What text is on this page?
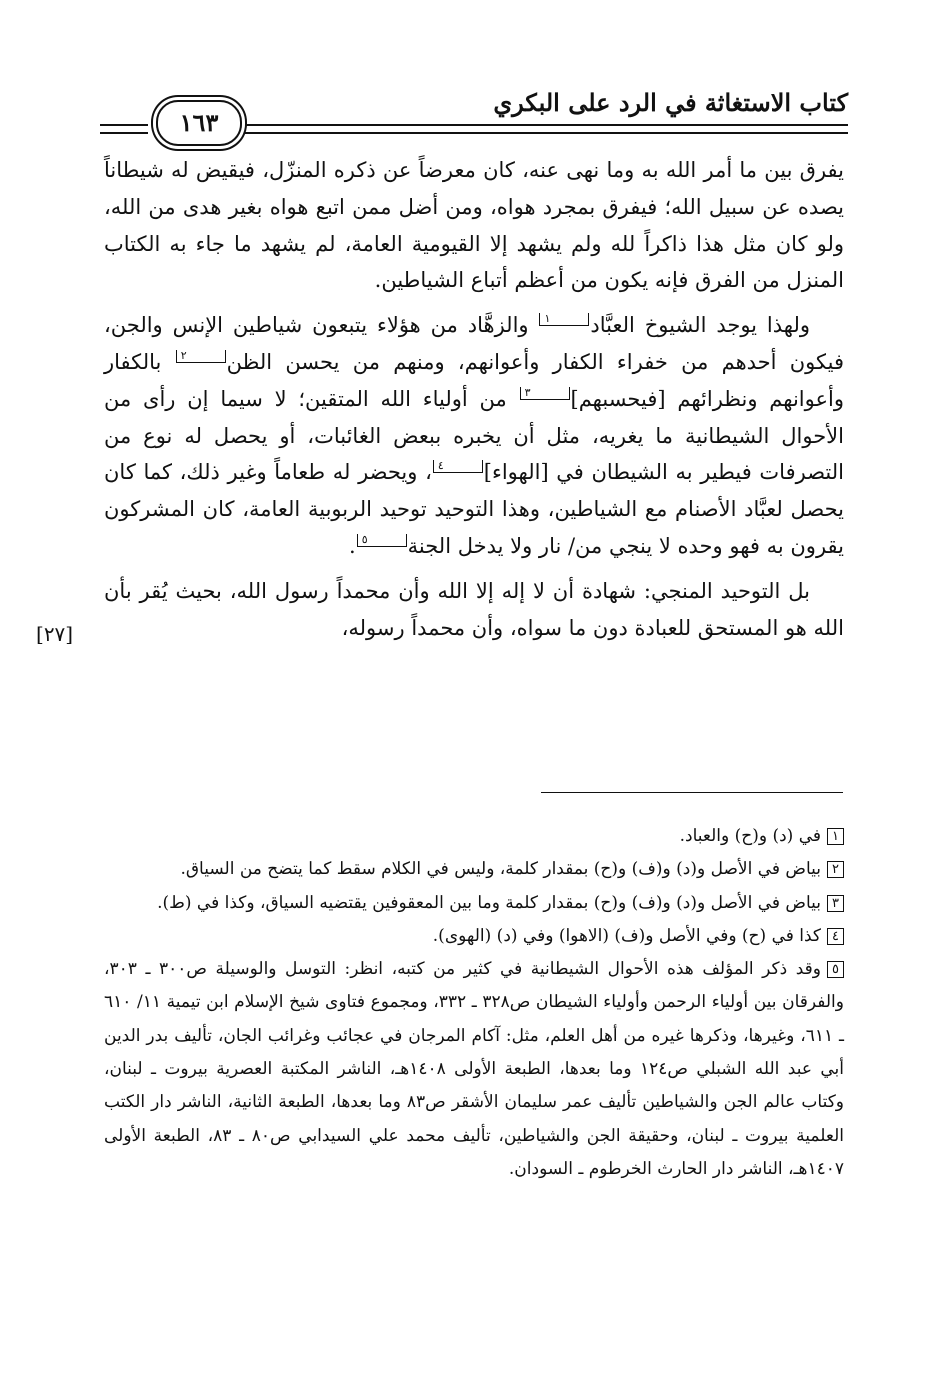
كتاب الاستغاثة في الرد على البكري
١٦٣

يفرق بين ما أمر الله به وما نهى عنه، كان معرضاً عن ذكره المنزّل، فيقيض له شيطاناً يصده عن سبيل الله؛ فيفرق بمجرد هواه، ومن أضل ممن اتبع هواه بغير هدى من الله، ولو كان مثل هذا ذاكراً لله ولم يشهد إلا القيومية العامة، لم يشهد ما جاء به الكتاب المنزل من الفرق فإنه يكون من أعظم أتباع الشياطين.

ولهذا يوجد الشيوخ العبَّاد١ والزهَّاد من هؤلاء يتبعون شياطين الإنس والجن، فيكون أحدهم من خفراء الكفار وأعوانهم، ومنهم من يحسن الظن٢ بالكفار وأعوانهم ونظرائهم [فيحسبهم]٣ من أولياء الله المتقين؛ لا سيما إن رأى من الأحوال الشيطانية ما يغريه، مثل أن يخبره ببعض الغائبات، أو يحصل له نوع من التصرفات فيطير به الشيطان في [الهواء]٤، ويحضر له طعاماً وغير ذلك، كما كان يحصل لعبَّاد الأصنام مع الشياطين، وهذا التوحيد توحيد الربوبية العامة، كان المشركون يقرون به فهو وحده لا ينجي من/ نار ولا يدخل الجنة٥.

بل التوحيد المنجي: شهادة أن لا إله إلا الله وأن محمداً رسول الله، بحيث يُقر بأن الله هو المستحق للعبادة دون ما سواه، وأن محمداً رسوله،

[٢٧]

١في (د) و(ح) والعباد.

٢بياض في الأصل و(د) و(ف) و(ح) بمقدار كلمة، وليس في الكلام سقط كما يتضح من السياق.

٣بياض في الأصل و(د) و(ف) و(ح) بمقدار كلمة وما بين المعقوفين يقتضيه السياق، وكذا في (ط).

٤كذا في (ح) وفي الأصل و(ف) (الاهوا) وفي (د) (الهوى).

٥وقد ذكر المؤلف هذه الأحوال الشيطانية في كثير من كتبه، انظر: التوسل والوسيلة ص٣٠٠ ـ ٣٠٣، والفرقان بين أولياء الرحمن وأولياء الشيطان ص٣٢٨ ـ ٣٣٢، ومجموع فتاوى شيخ الإسلام ابن تيمية ١١/ ٦١٠ ـ ٦١١، وغيرها، وذكرها غيره من أهل العلم، مثل: آكام المرجان في عجائب وغرائب الجان، تأليف بدر الدين أبي عبد الله الشبلي ص١٢٤ وما بعدها، الطبعة الأولى ١٤٠٨هـ، الناشر المكتبة العصرية بيروت ـ لبنان، وكتاب عالم الجن والشياطين تأليف عمر سليمان الأشقر ص٨٣ وما بعدها، الطبعة الثانية، الناشر دار الكتب العلمية بيروت ـ لبنان، وحقيقة الجن والشياطين، تأليف محمد علي السيدابي ص٨٠ ـ ٨٣، الطبعة الأولى ١٤٠٧هـ، الناشر دار الحارث الخرطوم ـ السودان.
